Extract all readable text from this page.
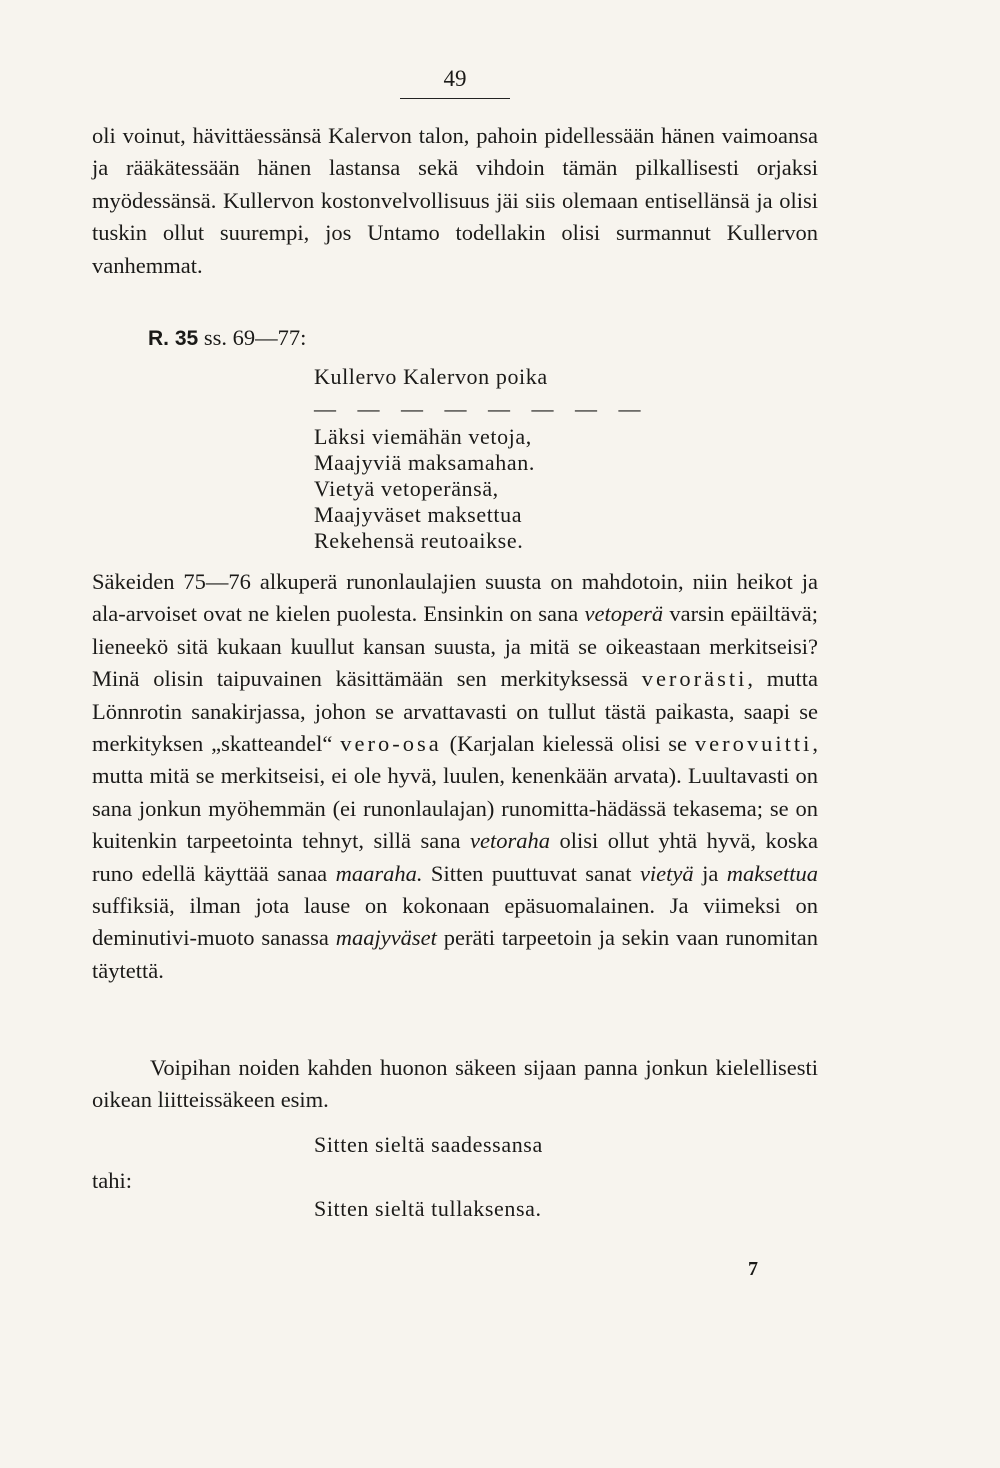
49

oli voinut, hävittäessänsä Kalervon talon, pahoin pidellessään hänen vaimoansa ja rääkätessään hänen lastansa sekä vihdoin tämän pilkallisesti orjaksi myödessänsä. Kullervon kostonvelvollisuus jäi siis olemaan entisellänsä ja olisi tuskin ollut suurempi, jos Untamo todellakin olisi surmannut Kullervon vanhemmat.

R. 35 ss. 69—77:
Kullervo Kalervon poika
— — — — — — — —
Läksi viemähän vetoja,
Maajyviä maksamahan.
Vietyä vetoperänsä,
Maajyväset maksettua
Rekehensä reutoaikse.

Säkeiden 75—76 alkuperä runonlaulajien suusta on mahdotoin, niin heikot ja ala-arvoiset ovat ne kielen puolesta. Ensinkin on sana vetoperä varsin epäiltävä; lieneekö sitä kukaan kuullut kansan suusta, ja mitä se oikeastaan merkitseisi? Minä olisin taipuvainen käsittämään sen merkityksessä verorästi, mutta Lönnrotin sanakirjassa, johon se arvattavasti on tullut tästä paikasta, saapi se merkityksen „skatteandel“ vero-osa (Karjalan kielessä olisi se verovuitti, mutta mitä se merkitseisi, ei ole hyvä, luulen, kenenkään arvata). Luultavasti on sana jonkun myöhemmän (ei runonlaulajan) runomitta-hädässä tekasema; se on kuitenkin tarpeetointa tehnyt, sillä sana vetoraha olisi ollut yhtä hyvä, koska runo edellä käyttää sanaa maaraha. Sitten puuttuvat sanat vietyä ja maksettua suffiksiä, ilman jota lause on kokonaan epäsuomalainen. Ja viimeksi on deminutivi-muoto sanassa maajyväset peräti tarpeetoin ja sekin vaan runomitan täytettä.

Voipihan noiden kahden huonon säkeen sijaan panna jonkun kielellisesti oikean liitteissäkeen esim.

Sitten sieltä saadessansa
tahi:
Sitten sieltä tullaksensa.
7
